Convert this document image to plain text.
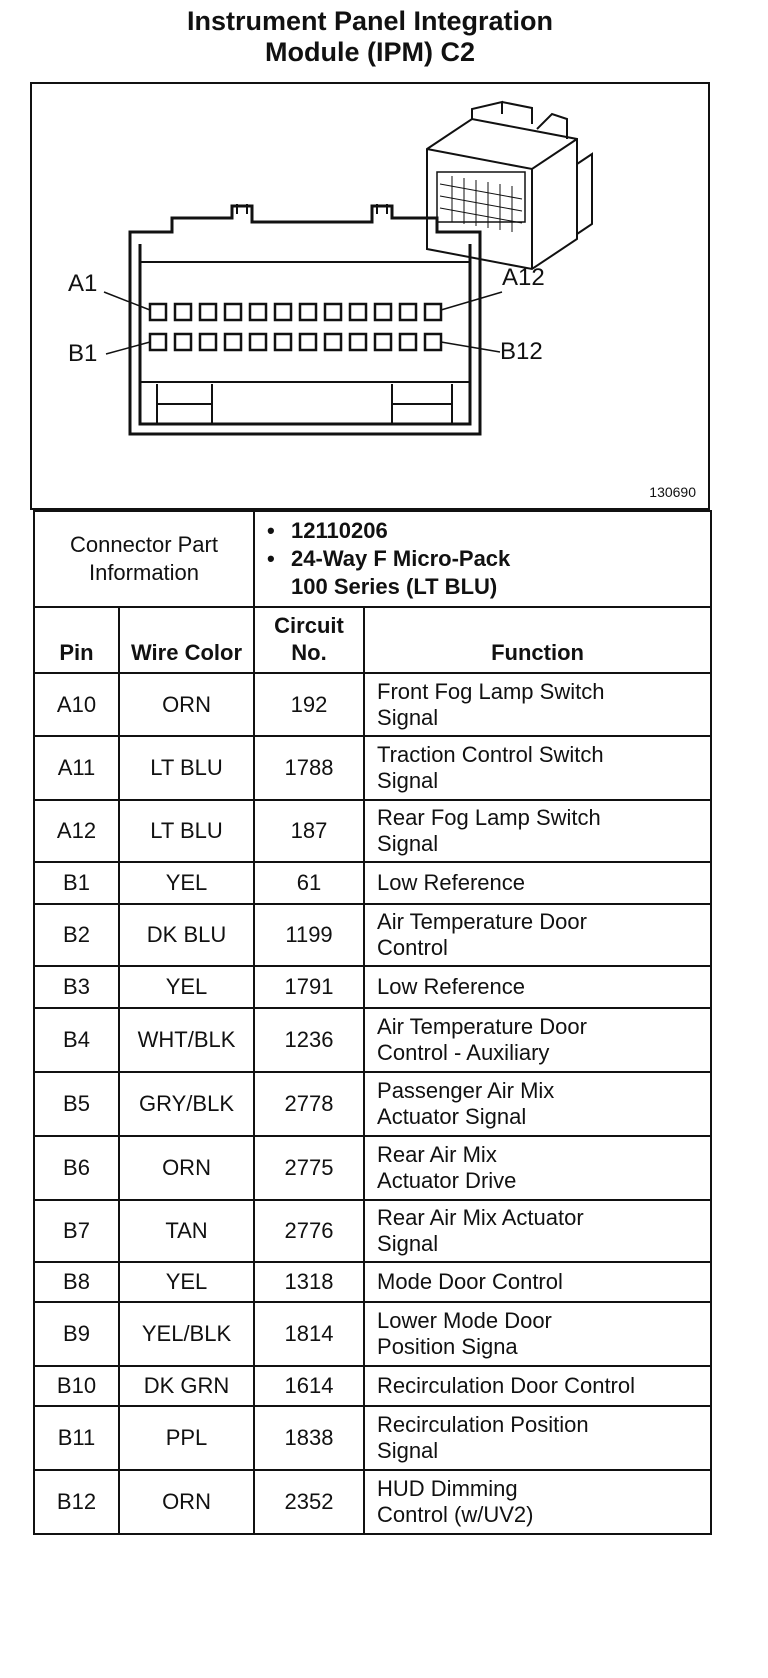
Instrument Panel Integration
Module (IPM) C2
A1	A12
B1	B12
130690
Connector Part Information		• 12110206
• 24-Way F Micro-Pack
100 Series (LT BLU)	

Pin	Wire Color	Circuit No.	Function
A10	ORN	192	Front Fog Lamp Switch
Signal

A11	LT BLU	1788	Traction Control Switch
Signal

A12	LT BLU	187	Rear Fog Lamp Switch
Signal

B1	YEL	61	Low Reference

B2	DK BLU	1199	Air Temperature Door
Control

B3	YEL	1791	Low Reference

B4	WHT/BLK	1236	Air Temperature Door
Control - Auxiliary

B5	GRY/BLK	2778	Passenger Air Mix
Actuator Signal

B6	ORN	2775	Rear Air Mix
Actuator Drive

B7	TAN	2776	Rear Air Mix Actuator
Signal

B8	YEL	1318	Mode Door Control

B9	YEL/BLK	1814	Lower Mode Door
Position Signa

B10	DK GRN	1614	Recirculation Door Control

B11	PPL	1838	Recirculation Position
Signal

B12	ORN	2352	HUD Dimming
Control (w/UV2)
